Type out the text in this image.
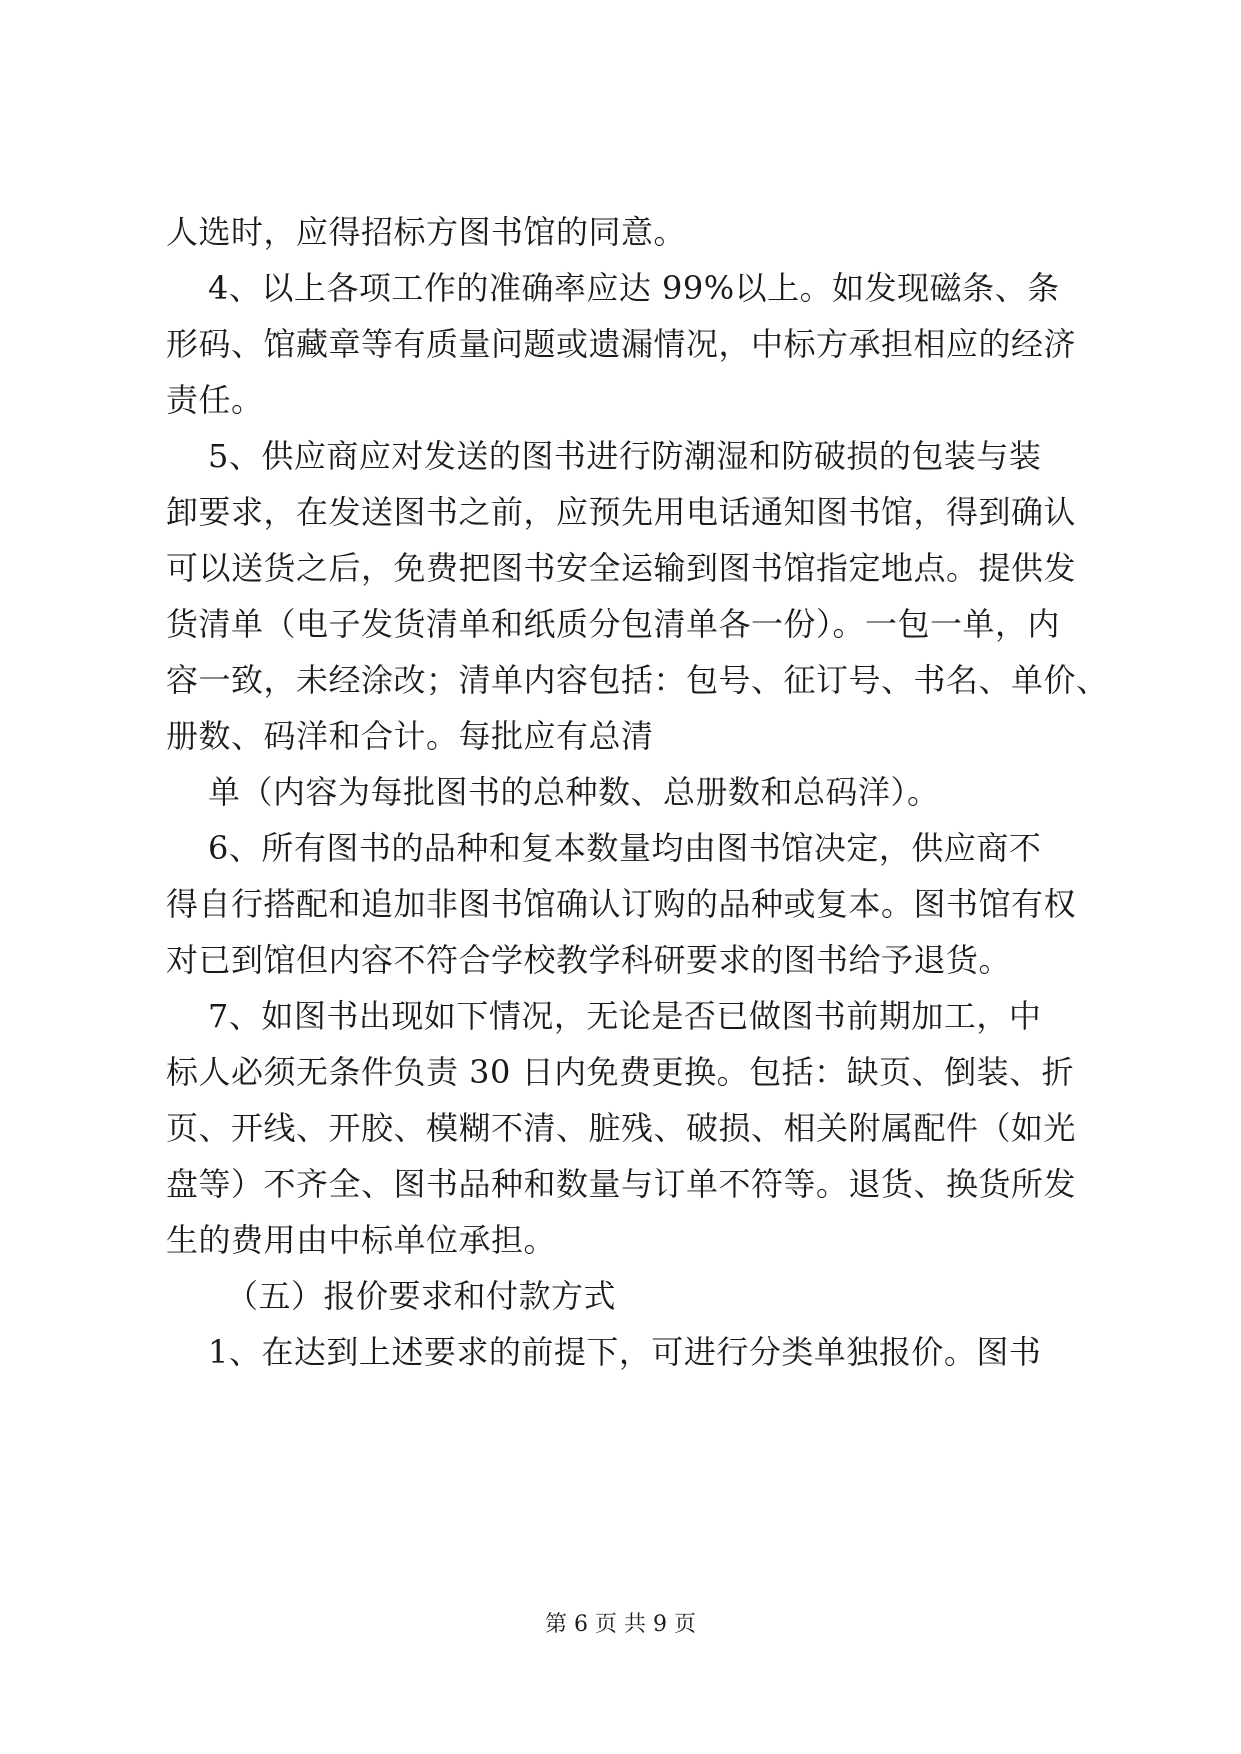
人选时，应得招标方图书馆的同意。
4、以上各项工作的准确率应达 99%以上。如发现磁条、条
形码、馆藏章等有质量问题或遗漏情况，中标方承担相应的经济
责任。
5、供应商应对发送的图书进行防潮湿和防破损的包装与装
卸要求，在发送图书之前，应预先用电话通知图书馆，得到确认
可以送货之后，免费把图书安全运输到图书馆指定地点。提供发
货清单（电子发货清单和纸质分包清单各一份）。一包一单，内
容一致，未经涂改；清单内容包括：包号、征订号、书名、单价、
册数、码洋和合计。每批应有总清
单（内容为每批图书的总种数、总册数和总码洋）。
6、所有图书的品种和复本数量均由图书馆决定，供应商不
得自行搭配和追加非图书馆确认订购的品种或复本。图书馆有权
对已到馆但内容不符合学校教学科研要求的图书给予退货。
7、如图书出现如下情况，无论是否已做图书前期加工，中
标人必须无条件负责 30 日内免费更换。包括：缺页、倒装、折
页、开线、开胶、模糊不清、脏残、破损、相关附属配件（如光
盘等）不齐全、图书品种和数量与订单不符等。退货、换货所发
生的费用由中标单位承担。
（五）报价要求和付款方式
1、在达到上述要求的前提下，可进行分类单独报价。图书
第 6 页 共 9 页
